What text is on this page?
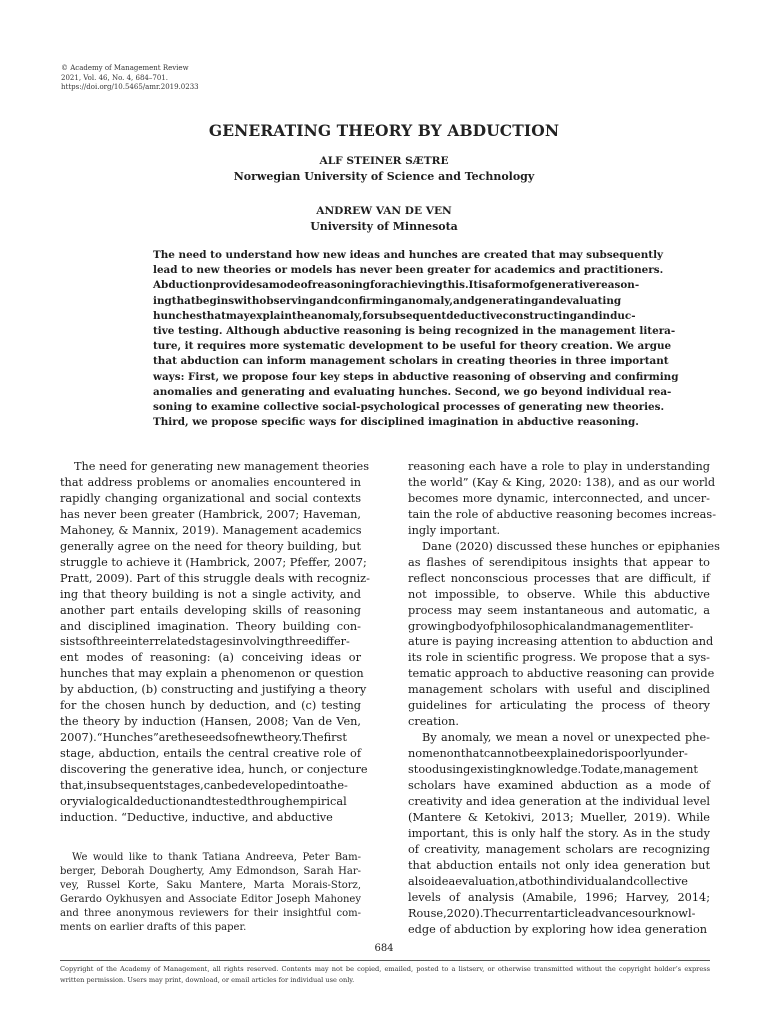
© Academy of Management Review
2021, Vol. 46, No. 4, 684–701.
https://doi.org/10.5465/amr.2019.0233
GENERATING THEORY BY ABDUCTION
ALF STEINER SÆTRE
Norwegian University of Science and Technology
ANDREW VAN DE VEN
University of Minnesota
The need to understand how new ideas and hunches are created that may subsequently
lead to new theories or models has never been greater for academics and practitioners.
Abductionprovidesamodeofreasoningforachievingthis.Itisaformofgenerativereason-
ingthatbeginswithobservingandconfirminganomaly,andgeneratingandevaluating
hunchesthatmayexplaintheanomaly,forsubsequentdeductiveconstructingandinduc-
tive testing. Although abductive reasoning is being recognized in the management litera-
ture, it requires more systematic development to be useful for theory creation. We argue
that abduction can inform management scholars in creating theories in three important
ways: First, we propose four key steps in abductive reasoning of observing and confirming
anomalies and generating and evaluating hunches. Second, we go beyond individual rea-
soning to examine collective social-psychological processes of generating new theories.
Third, we propose specific ways for disciplined imagination in abductive reasoning.
The need for generating new management theories
that address problems or anomalies encountered in
rapidly changing organizational and social contexts
has never been greater (Hambrick, 2007; Haveman,
Mahoney, & Mannix, 2019). Management academics
generally agree on the need for theory building, but
struggle to achieve it (Hambrick, 2007; Pfeffer, 2007;
Pratt, 2009). Part of this struggle deals with recogniz-
ing that theory building is not a single activity, and
another part entails developing skills of reasoning
and disciplined imagination. Theory building con-
sistsofthreeinterrelatedstagesinvolvingthreediffer-
ent modes of reasoning: (a) conceiving ideas or
hunches that may explain a phenomenon or question
by abduction, (b) constructing and justifying a theory
for the chosen hunch by deduction, and (c) testing
the theory by induction (Hansen, 2008; Van de Ven,
2007).“Hunches”aretheseedsofnewtheory.Thefirst
stage, abduction, entails the central creative role of
discovering the generative idea, hunch, or conjecture
that,insubsequentstages,canbedevelopedintoathe-
oryvialogicaldeductionandtestedthroughempirical
induction. “Deductive, inductive, and abductive
reasoning each have a role to play in understanding
the world” (Kay & King, 2020: 138), and as our world
becomes more dynamic, interconnected, and uncer-
tain the role of abductive reasoning becomes increas-
ingly important.
Dane (2020) discussed these hunches or epiphanies
as flashes of serendipitous insights that appear to
reflect nonconscious processes that are difficult, if
not impossible, to observe. While this abductive
process may seem instantaneous and automatic, a
growingbodyofphilosophicalandmanagementliter-
ature is paying increasing attention to abduction and
its role in scientific progress. We propose that a sys-
tematic approach to abductive reasoning can provide
management scholars with useful and disciplined
guidelines for articulating the process of theory
creation.
By anomaly, we mean a novel or unexpected phe-
nomenonthatcannotbeexplainedorispoorlyunder-
stoodusingexistingknowledge.Todate,management
scholars have examined abduction as a mode of
creativity and idea generation at the individual level
(Mantere & Ketokivi, 2013; Mueller, 2019). While
important, this is only half the story. As in the study
of creativity, management scholars are recognizing
that abduction entails not only idea generation but
alsoideaevaluation,atbothindividualandcollective
levels of analysis (Amabile, 1996; Harvey, 2014;
Rouse,2020).Thecurrentarticleadvancesourknowl-
edge of abduction by exploring how idea generation
We would like to thank Tatiana Andreeva, Peter Bam-
berger, Deborah Dougherty, Amy Edmondson, Sarah Har-
vey, Russel Korte, Saku Mantere, Marta Morais-Storz,
Gerardo Oykhusyen and Associate Editor Joseph Mahoney
and three anonymous reviewers for their insightful com-
ments on earlier drafts of this paper.
684
Copyright of the Academy of Management, all rights reserved. Contents may not be copied, emailed, posted to a listserv, or otherwise transmitted without the copyright holder’s express
written permission. Users may print, download, or email articles for individual use only.
